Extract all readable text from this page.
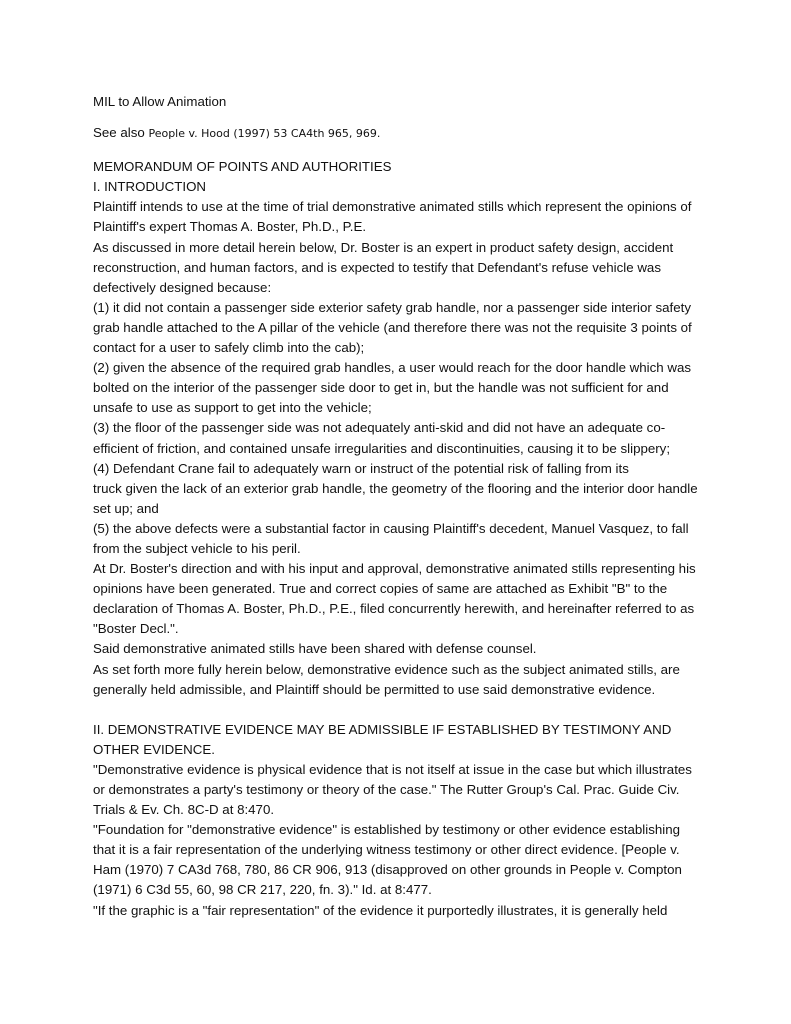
MIL to Allow Animation

See also People v. Hood (1997) 53 CA4th 965, 969.

MEMORANDUM OF POINTS AND AUTHORITIES

I. INTRODUCTION

Plaintiff intends to use at the time of trial demonstrative animated stills which represent the opinions of Plaintiff's expert Thomas A. Boster, Ph.D., P.E.

As discussed in more detail herein below, Dr. Boster is an expert in product safety design, accident reconstruction, and human factors, and is expected to testify that Defendant's refuse vehicle was defectively designed because:

(1) it did not contain a passenger side exterior safety grab handle, nor a passenger side interior safety grab handle attached to the A pillar of the vehicle (and therefore there was not the requisite 3 points of contact for a user to safely climb into the cab);

(2) given the absence of the required grab handles, a user would reach for the door handle which was bolted on the interior of the passenger side door to get in, but the handle was not sufficient for and unsafe to use as support to get into the vehicle;

(3) the floor of the passenger side was not adequately anti-skid and did not have an adequate co-efficient of friction, and contained unsafe irregularities and discontinuities, causing it to be slippery;

(4) Defendant Crane fail to adequately warn or instruct of the potential risk of falling from its

truck given the lack of an exterior grab handle, the geometry of the flooring and the interior door handle set up; and

(5) the above defects were a substantial factor in causing Plaintiff's decedent, Manuel Vasquez, to fall from the subject vehicle to his peril.

At Dr. Boster's direction and with his input and approval, demonstrative animated stills representing his opinions have been generated. True and correct copies of same are attached as Exhibit "B" to the declaration of Thomas A. Boster, Ph.D., P.E., filed concurrently herewith, and hereinafter referred to as "Boster Decl.".

Said demonstrative animated stills have been shared with defense counsel.

As set forth more fully herein below, demonstrative evidence such as the subject animated stills, are generally held admissible, and Plaintiff should be permitted to use said demonstrative evidence.

II. DEMONSTRATIVE EVIDENCE MAY BE ADMISSIBLE IF ESTABLISHED BY TESTIMONY AND OTHER EVIDENCE.

"Demonstrative evidence is physical evidence that is not itself at issue in the case but which illustrates or demonstrates a party's testimony or theory of the case." The Rutter Group's Cal. Prac. Guide Civ. Trials & Ev. Ch. 8C-D at 8:470.

"Foundation for "demonstrative evidence" is established by testimony or other evidence establishing that it is a fair representation of the underlying witness testimony or other direct evidence. [People v. Ham (1970) 7 CA3d 768, 780, 86 CR 906, 913 (disapproved on other grounds in People v. Compton (1971) 6 C3d 55, 60, 98 CR 217, 220, fn. 3)." Id. at 8:477.

"If the graphic is a "fair representation" of the evidence it purportedly illustrates, it is generally held
